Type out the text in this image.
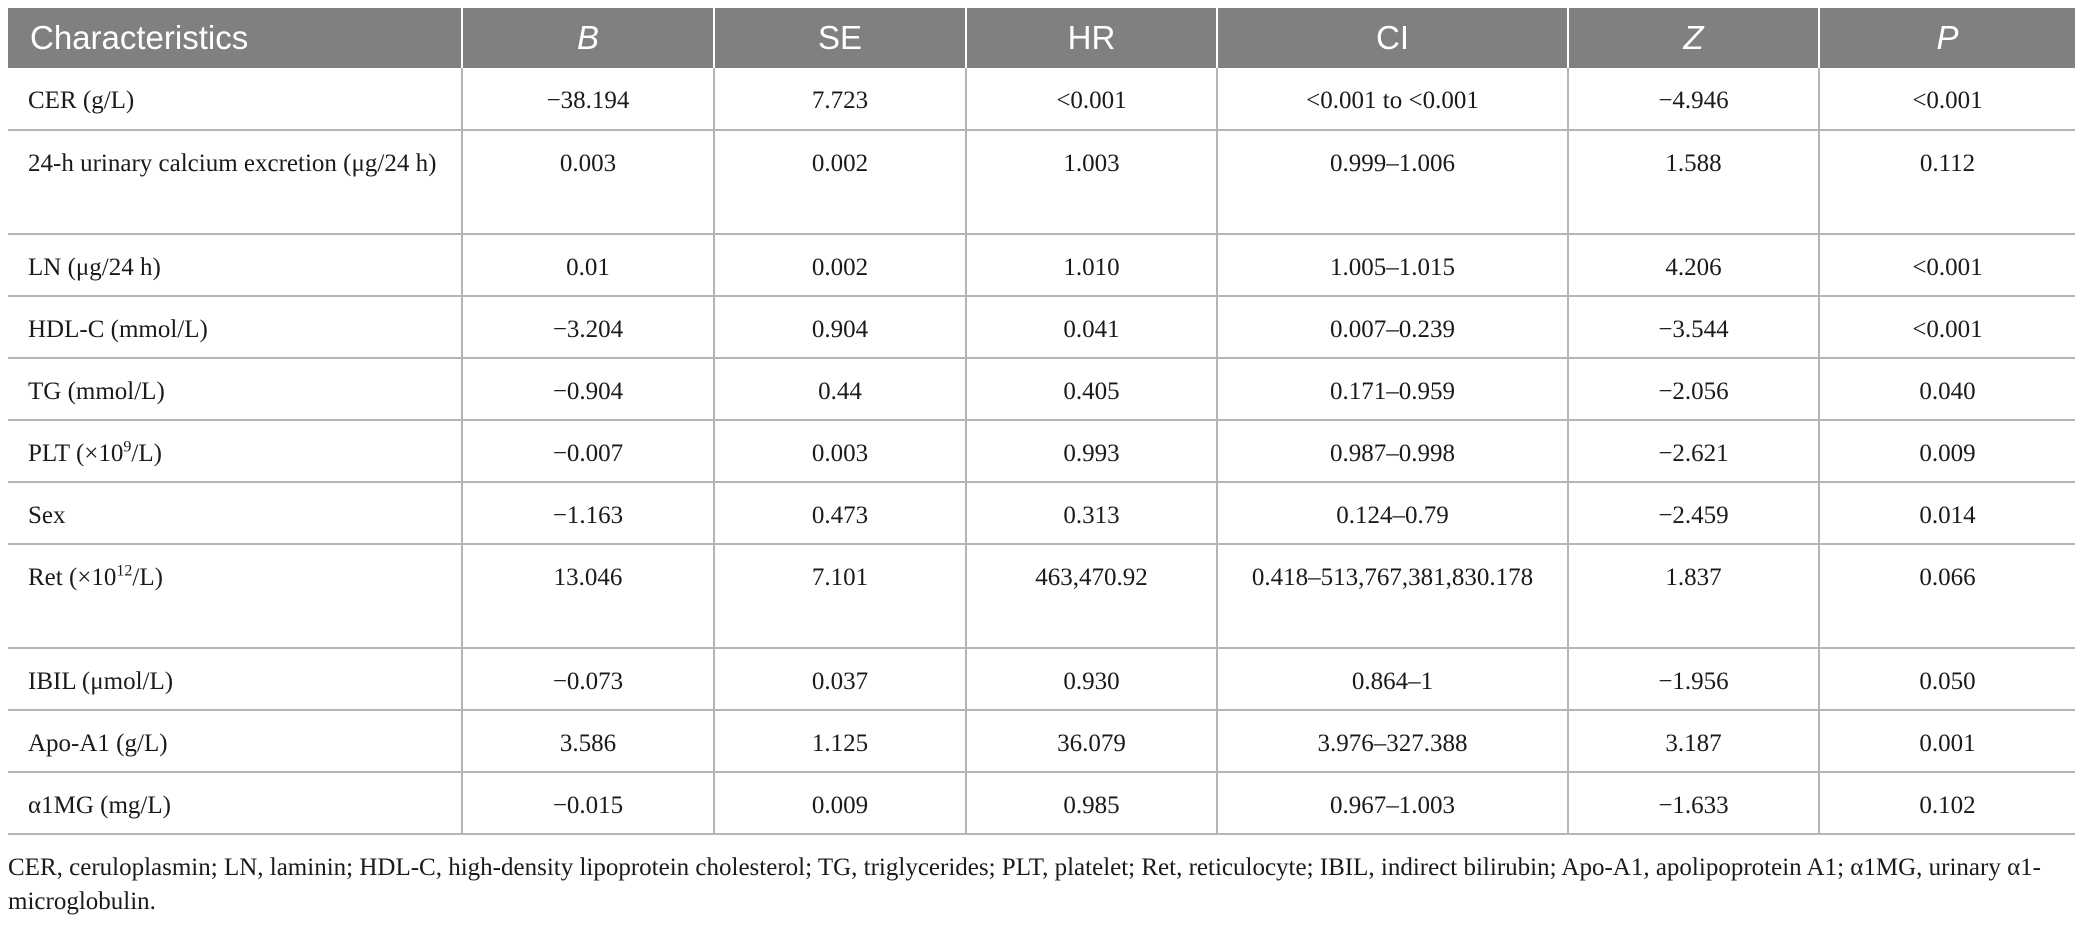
Characteristics	B	SE	HR	CI	Z	P
CER (g/L)	−38.194	7.723	<0.001	<0.001 to <0.001	−4.946	<0.001
24-h urinary calcium excretion (μg/24 h)	0.003	0.002	1.003	0.999–1.006	1.588	0.112
LN (μg/24 h)	0.01	0.002	1.010	1.005–1.015	4.206	<0.001
HDL-C (mmol/L)	−3.204	0.904	0.041	0.007–0.239	−3.544	<0.001
TG (mmol/L)	−0.904	0.44	0.405	0.171–0.959	−2.056	0.040
PLT $(\times 10^9/L)$	−0.007	0.003	0.993	0.987–0.998	−2.621	0.009
Sex	−1.163	0.473	0.313	0.124–0.79	−2.459	0.014
Ret $(\times 10^{12}/L)$	13.046	7.101	463,470.92	0.418–513,767,381,830.178	1.837	0.066
IBIL (μmol/L)	−0.073	0.037	0.930	0.864–1	−1.956	0.050
Apo-A1 (g/L)	3.586	1.125	36.079	3.976–327.388	3.187	0.001
α1MG (mg/L)	−0.015	0.009	0.985	0.967–1.003	−1.633	0.102
CER, ceruloplasmin; LN, laminin; HDL-C, high-density lipoprotein cholesterol; TG, triglycerides; PLT, platelet; Ret, reticulocyte; IBIL, indirect bilirubin; Apo-A1, apolipoprotein A1; α1MG, urinary α1-microglobulin.
